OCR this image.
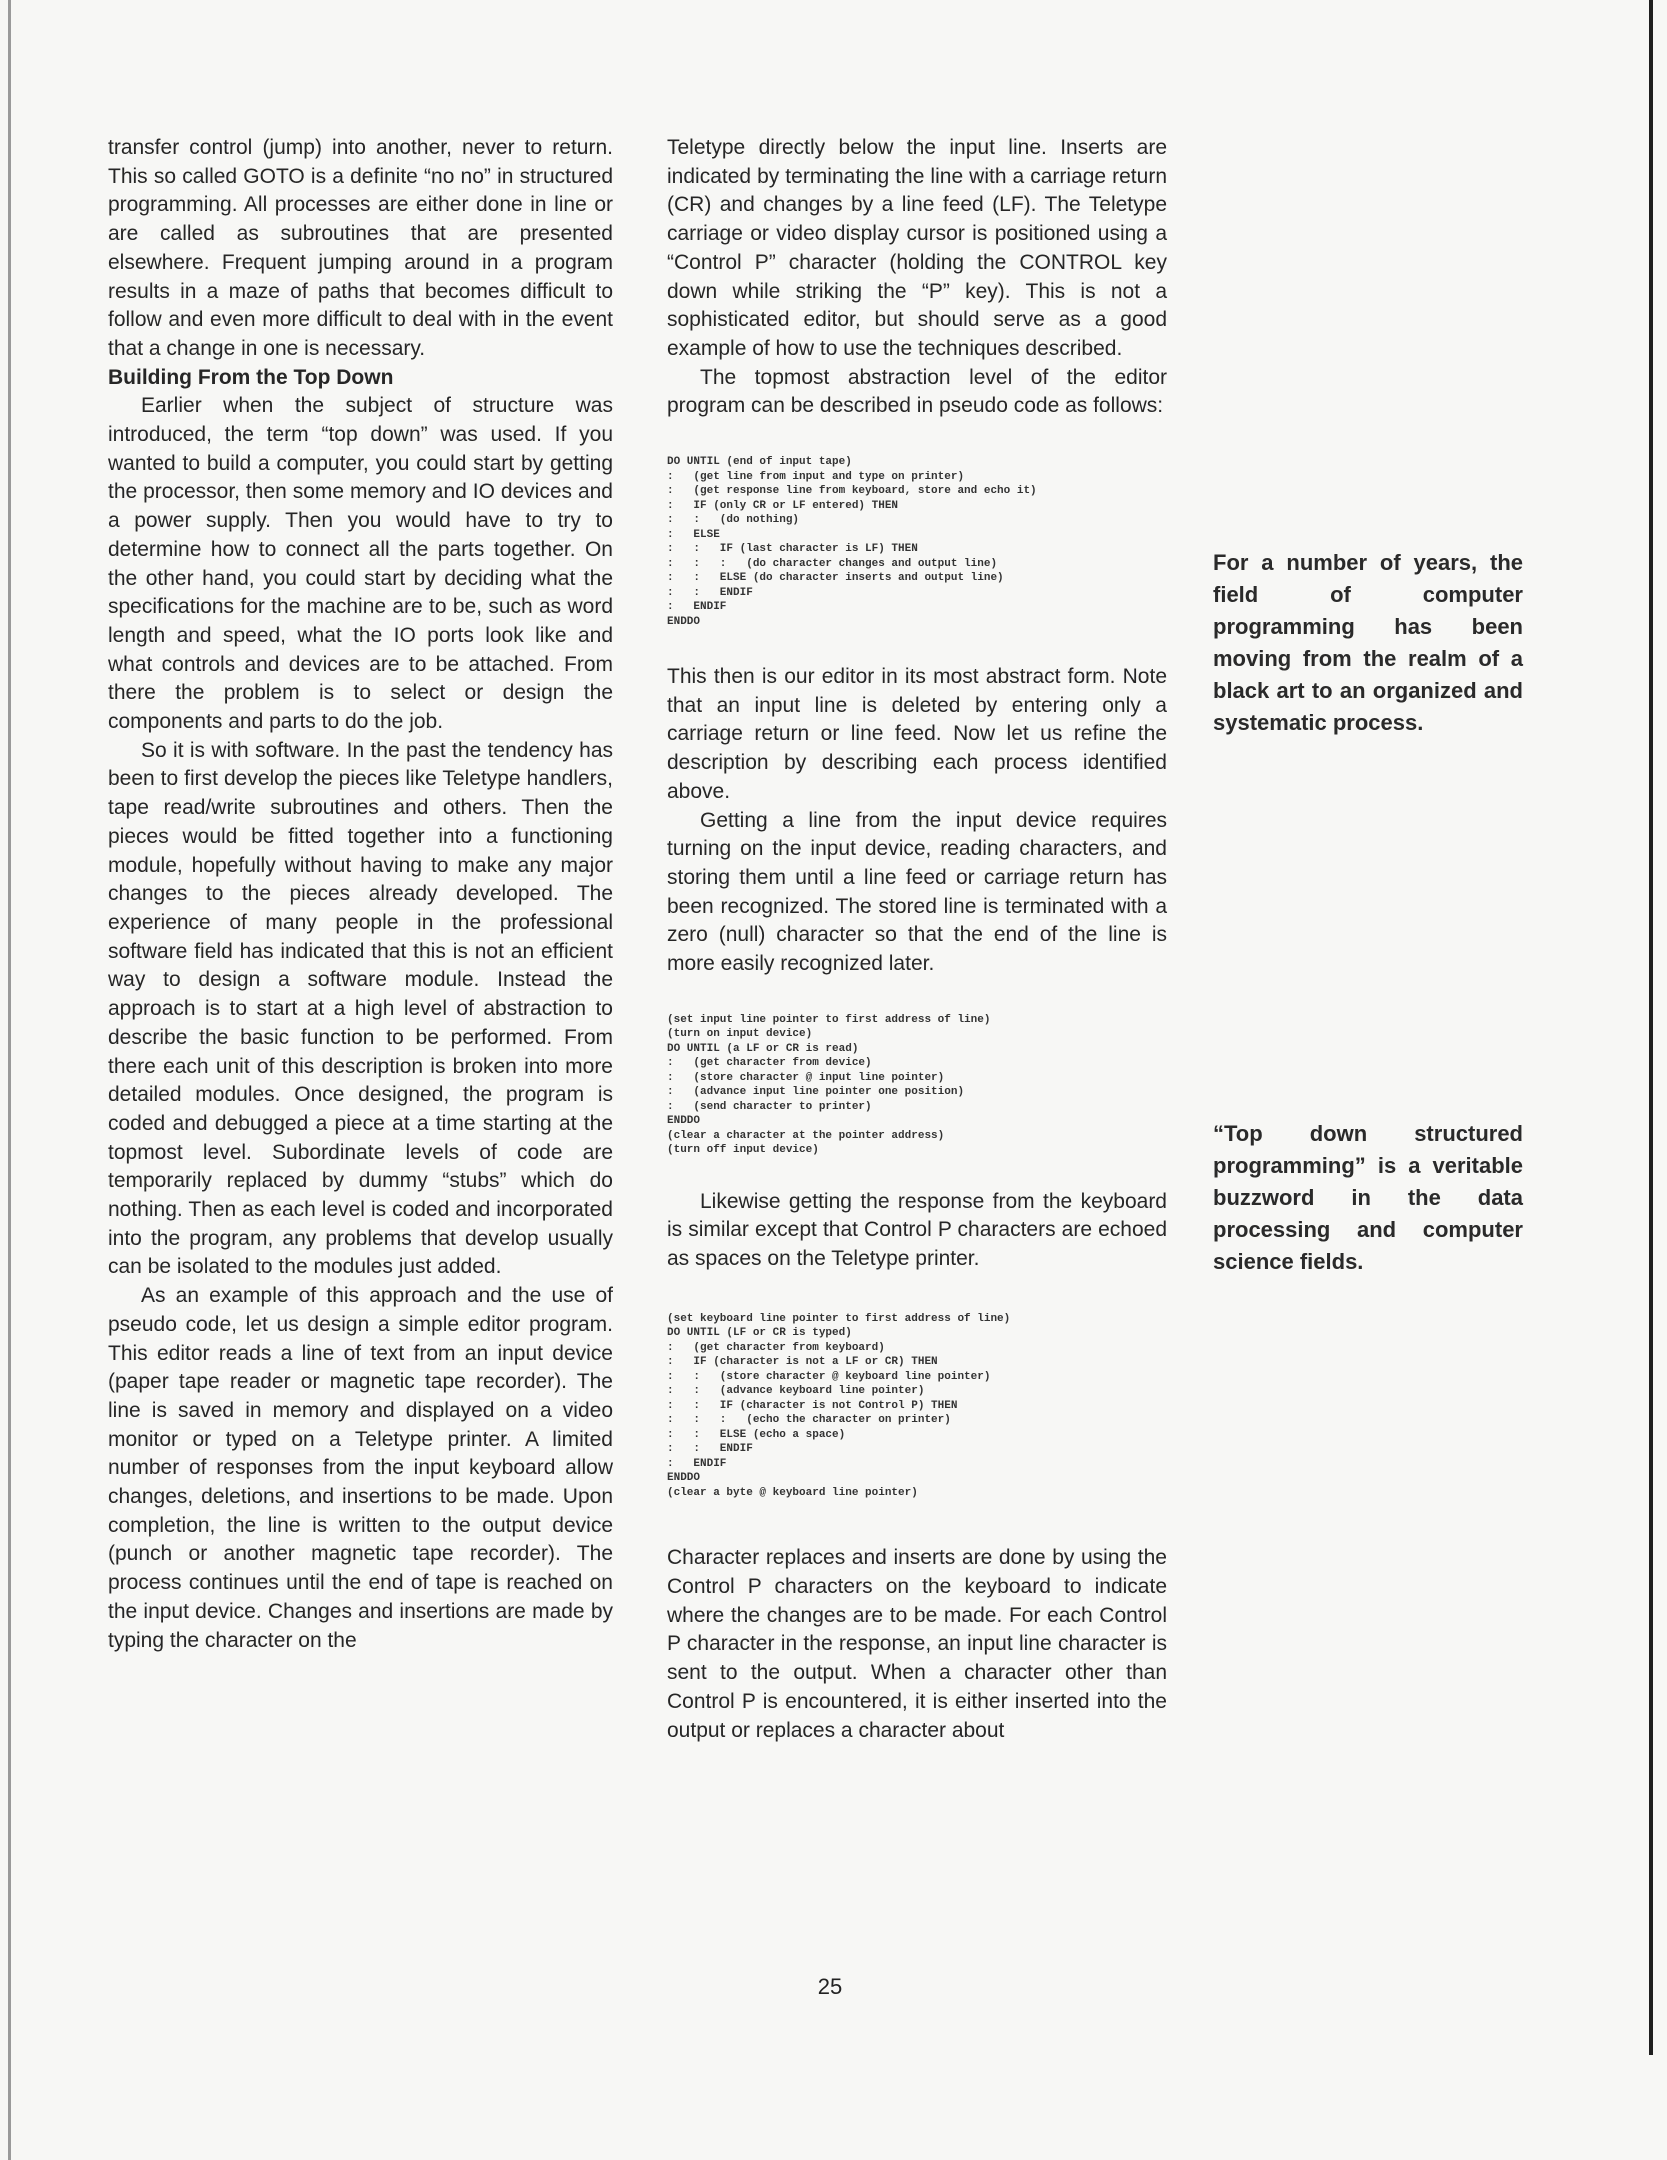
transfer control (jump) into another, never to return. This so called GOTO is a definite “no no” in structured programming. All processes are either done in line or are called as subroutines that are presented elsewhere. Frequent jumping around in a program results in a maze of paths that becomes difficult to follow and even more difficult to deal with in the event that a change in one is necessary.

Building From the Top Down

Earlier when the subject of structure was introduced, the term “top down” was used. If you wanted to build a computer, you could start by getting the processor, then some memory and IO devices and a power supply. Then you would have to try to determine how to connect all the parts together. On the other hand, you could start by deciding what the specifications for the machine are to be, such as word length and speed, what the IO ports look like and what controls and devices are to be attached. From there the problem is to select or design the components and parts to do the job.

So it is with software. In the past the tendency has been to first develop the pieces like Teletype handlers, tape read/write subroutines and others. Then the pieces would be fitted together into a functioning module, hopefully without having to make any major changes to the pieces already developed. The experience of many people in the professional software field has indicated that this is not an efficient way to design a software module. Instead the approach is to start at a high level of abstraction to describe the basic function to be performed. From there each unit of this description is broken into more detailed modules. Once designed, the program is coded and debugged a piece at a time starting at the topmost level. Subordinate levels of code are temporarily replaced by dummy “stubs” which do nothing. Then as each level is coded and incorporated into the program, any problems that develop usually can be isolated to the modules just added.

As an example of this approach and the use of pseudo code, let us design a simple editor program. This editor reads a line of text from an input device (paper tape reader or magnetic tape recorder). The line is saved in memory and displayed on a video monitor or typed on a Teletype printer. A limited number of responses from the input keyboard allow changes, deletions, and insertions to be made. Upon completion, the line is written to the output device (punch or another magnetic tape recorder). The process continues until the end of tape is reached on the input device. Changes and insertions are made by typing the character on the

Teletype directly below the input line. Inserts are indicated by terminating the line with a carriage return (CR) and changes by a line feed (LF). The Teletype carriage or video display cursor is positioned using a “Control P” character (holding the CONTROL key down while striking the “P” key). This is not a sophisticated editor, but should serve as a good example of how to use the techniques described.

The topmost abstraction level of the editor program can be described in pseudo code as follows:

DO UNTIL (end of input tape)
:   (get line from input and type on printer)
:   (get response line from keyboard, store and echo it)
:   IF (only CR or LF entered) THEN
:   :   (do nothing)
:   ELSE
:   :   IF (last character is LF) THEN
:   :   :   (do character changes and output line)
:   :   ELSE (do character inserts and output line)
:   :   ENDIF
:   ENDIF
ENDDO

This then is our editor in its most abstract form. Note that an input line is deleted by entering only a carriage return or line feed. Now let us refine the description by describing each process identified above.

Getting a line from the input device requires turning on the input device, reading characters, and storing them until a line feed or carriage return has been recognized. The stored line is terminated with a zero (null) character so that the end of the line is more easily recognized later.

(set input line pointer to first address of line)
(turn on input device)
DO UNTIL (a LF or CR is read)
:   (get character from device)
:   (store character @ input line pointer)
:   (advance input line pointer one position)
:   (send character to printer)
ENDDO
(clear a character at the pointer address)
(turn off input device)

Likewise getting the response from the keyboard is similar except that Control P characters are echoed as spaces on the Teletype printer.

(set keyboard line pointer to first address of line)
DO UNTIL (LF or CR is typed)
:   (get character from keyboard)
:   IF (character is not a LF or CR) THEN
:   :   (store character @ keyboard line pointer)
:   :   (advance keyboard line pointer)
:   :   IF (character is not Control P) THEN
:   :   :   (echo the character on printer)
:   :   ELSE (echo a space)
:   :   ENDIF
:   ENDIF
ENDDO
(clear a byte @ keyboard line pointer)

Character replaces and inserts are done by using the Control P characters on the keyboard to indicate where the changes are to be made. For each Control P character in the response, an input line character is sent to the output. When a character other than Control P is encountered, it is either inserted into the output or replaces a character about

For a number of years, the field of computer programming has been moving from the realm of a black art to an organized and systematic process.
“Top down structured programming” is a veritable buzzword in the data processing and computer science fields.
25
